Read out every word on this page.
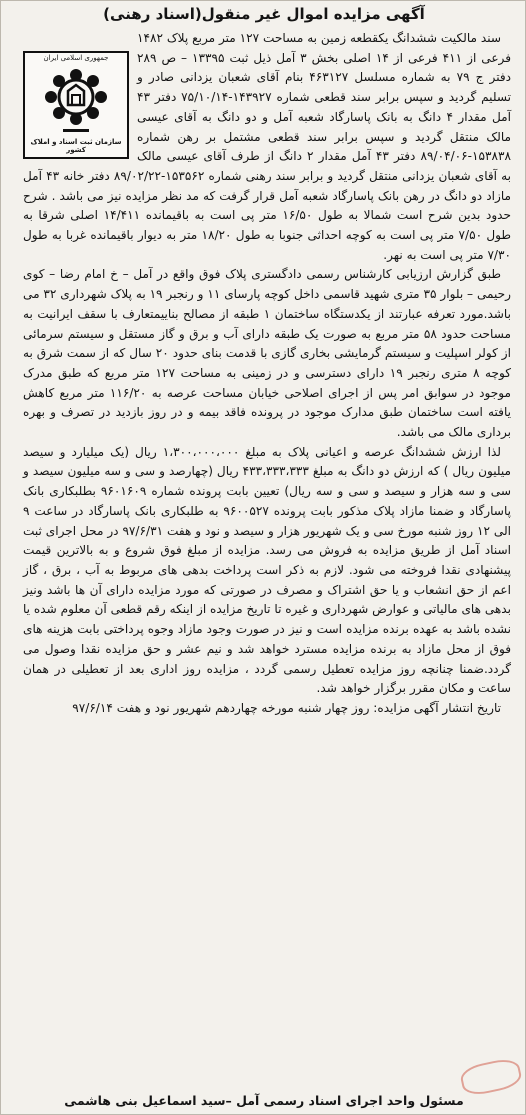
آگهی مزایده اموال غیر منقول(اسناد رهنی)
جمهوری اسلامی ایران
سازمان ثبت اسناد و املاک کشور

سند مالکیت ششدانگ یکقطعه زمین به مساحت ۱۲۷ متر مربع پلاک ۱۴۸۲ فرعی از ۴۱۱ فرعی از ۱۴ اصلی بخش ۳ آمل ذیل ثبت ۱۳۳۹۵ – ص ۲۸۹ دفتر ج ۷۹ به شماره مسلسل ۴۶۳۱۲۷ بنام آقای شعبان یزدانی صادر و تسلیم گردید و سپس برابر سند قطعی شماره ۱۴۳۹۲۷-۷۵/۱۰/۱۴ دفتر ۴۳ آمل مقدار ۴ دانگ به بانک پاسارگاد شعبه آمل و دو دانگ به آقای عیسی مالک منتقل گردید و سپس برابر سند قطعی مشتمل بر رهن شماره ۱۵۳۸۳۸-۸۹/۰۴/۰۶ دفتر ۴۳ آمل مقدار ۲ دانگ از طرف آقای عیسی مالک به آقای شعبان یزدانی منتقل گردید و برابر سند رهنی شماره ۱۵۳۵۶۲-۸۹/۰۲/۲۲ دفتر خانه ۴۳ آمل مازاد دو دانگ در رهن بانک پاسارگاد شعبه آمل قرار گرفت که مد نظر مزایده نیز می باشد . شرح حدود بدین شرح است شمالا به طول ۱۶/۵۰ متر پی است به باقیمانده ۱۴/۴۱۱ اصلی شرقا به طول ۷/۵۰ متر پی است به کوچه احداثی جنوبا به طول ۱۸/۲۰ متر به دیوار باقیمانده غربا به طول ۷/۳۰ متر پی است به نهر.

طبق گزارش ارزیابی کارشناس رسمی دادگستری پلاک فوق واقع در آمل – خ امام رضا – کوی رحیمی – بلوار ۳۵ متری شهید قاسمی داخل کوچه پارسای ۱۱ و رنجبر ۱۹ به پلاک شهرداری ۳۲ می باشد.مورد تعرفه عبارتند از یکدستگاه ساختمان ۱ طبقه از مصالح بناییمتعارف با سقف ایرانیت به مساحت حدود ۵۸ متر مربع به صورت یک طبقه دارای آب و برق و گاز مستقل و سیستم سرمائی از کولر اسپلیت و سیستم گرمایشی بخاری گازی با قدمت بنای حدود ۲۰ سال که از سمت شرق به کوچه ۸ متری رنجبر ۱۹ دارای دسترسی و در زمینی به مساحت ۱۲۷ متر مربع که طبق مدرک موجود در سوابق امر پس از اجرای اصلاحی خیابان مساحت عرصه به ۱۱۶/۲۰ متر مربع کاهش یافته است ساختمان طبق مدارک موجود در پرونده فاقد بیمه و در روز بازدید در تصرف و بهره برداری مالک می باشد.

لذا ارزش ششدانگ عرصه و اعیانی پلاک به مبلغ ۱،۳۰۰،۰۰۰،۰۰۰ ریال (یک میلیارد و سیصد میلیون ریال ) که ارزش دو دانگ به مبلغ ۴۳۳،۳۳۳،۳۳۳ ریال (چهارصد و سی و سه میلیون سیصد و سی و سه هزار و سیصد و سی و سه ریال) تعیین بابت پرونده شماره ۹۶۰۱۶۰۹ بطلبکاری بانک پاسارگاد و ضمنا مازاد پلاک مذکور بابت پرونده ۹۶۰۰۵۲۷ به طلبکاری بانک پاسارگاد در ساعت ۹ الی ۱۲ روز شنبه مورخ سی و یک شهریور هزار و سیصد و نود و هفت ۹۷/۶/۳۱ در محل اجرای ثبت اسناد آمل از طریق مزایده به فروش می رسد. مزایده از مبلغ فوق شروع و به بالاترین قیمت پیشنهادی نقدا فروخته می شود. لازم به ذکر است پرداخت بدهی های مربوط به آب ، برق ، گاز اعم از حق انشعاب و یا حق اشتراک و مصرف در صورتی که مورد مزایده دارای آن ها باشد ونیز بدهی های مالیاتی و عوارض شهرداری و غیره تا تاریخ مزایده از اینکه رقم قطعی آن معلوم شده یا نشده باشد به عهده برنده مزایده است و نیز در صورت وجود مازاد وجوه پرداختی بابت هزینه های فوق از محل مازاد به برنده مزایده مسترد خواهد شد و نیم عشر و حق مزایده نقدا وصول می گردد.ضمنا چنانچه روز مزایده تعطیل رسمی گردد ، مزایده روز اداری بعد از تعطیلی در همان ساعت و مکان مقرر برگزار خواهد شد.

تاریخ انتشار آگهی مزایده: روز چهار شنبه مورخه چهاردهم شهریور نود و هفت ۹۷/۶/۱۴

مسئول واحد اجرای اسناد رسمی آمل –سید اسماعیل بنی هاشمی
